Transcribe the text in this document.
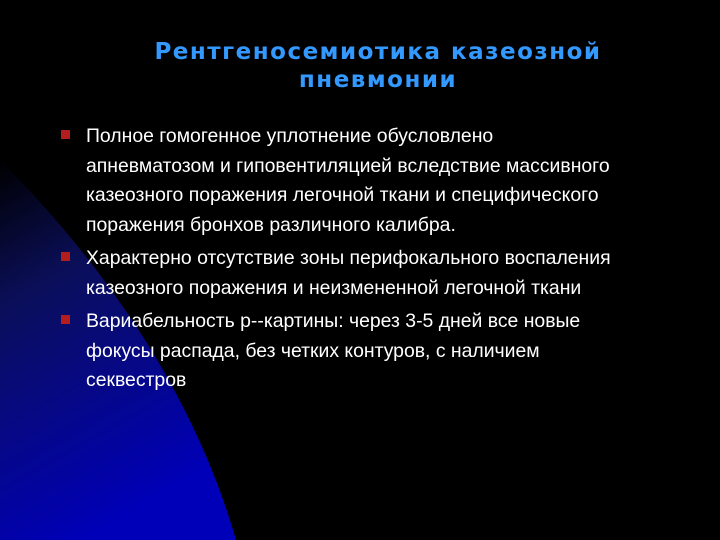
Рентгеносемиотика казеозной
пневмонии
Полное гомогенное уплотнение обусловлено
апневматозом и гиповентиляцией вследствие массивного
казеозного поражения легочной ткани и специфического
поражения бронхов различного калибра.
Характерно отсутствие зоны перифокального воспаления
казеозного поражения и неизмененной легочной ткани
Вариабельность р--картины: через 3-5 дней все новые
фокусы распада, без четких контуров, с наличием
секвестров
